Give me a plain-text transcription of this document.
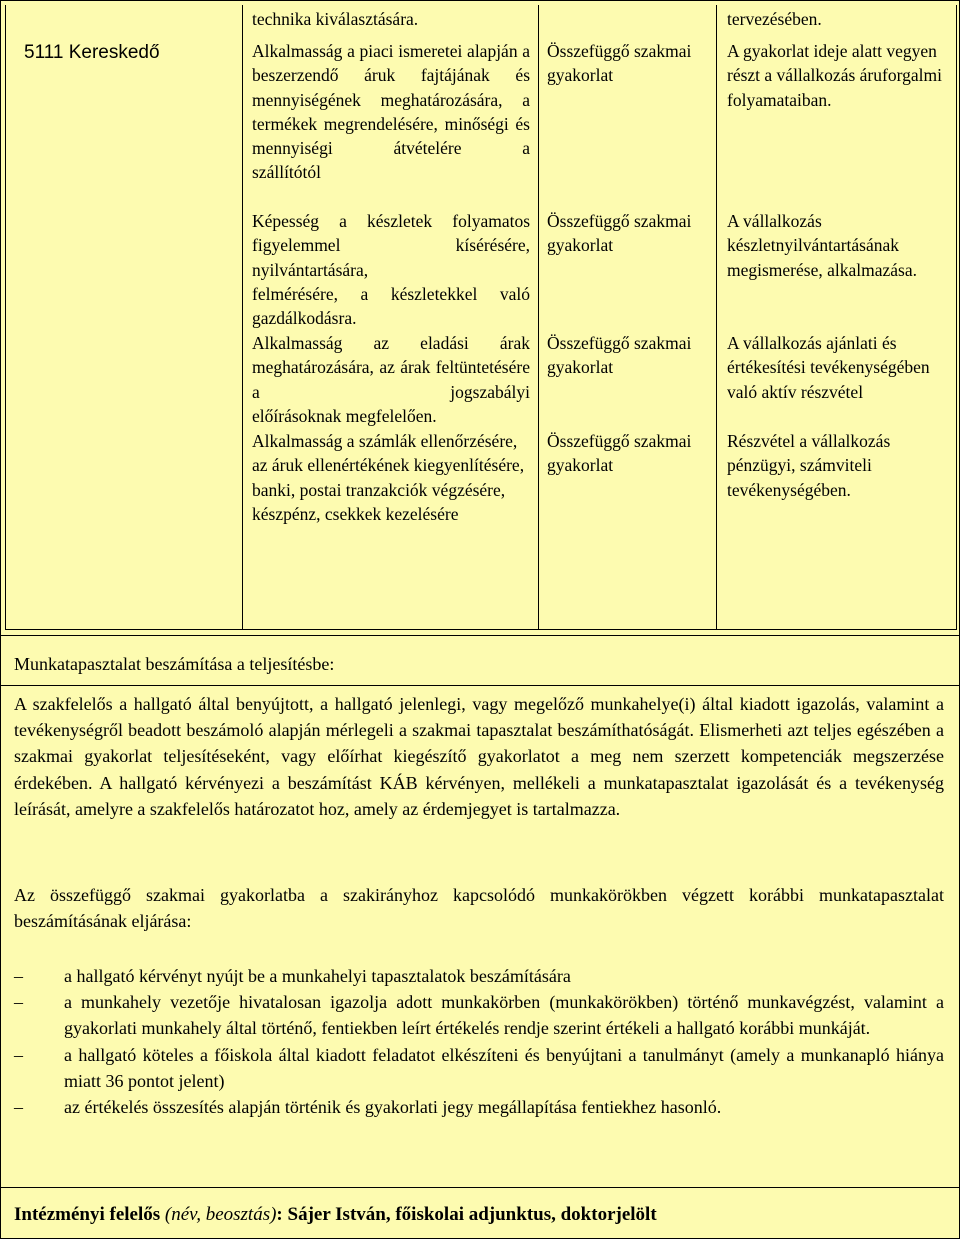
5111 Kereskedő
technika kiválasztására.	tervezésében.
Alkalmasság a piaci ismeretei alapján a beszerzendő áruk fajtájának és mennyiségének meghatározására, a termékek megrendelésére, minőségi és mennyiségi átvételére a
szállítótól
Összefüggő szakmai gyakorlat
A gyakorlat ideje alatt vegyen részt a vállalkozás áruforgalmi folyamataiban.
Képesség a készletek folyamatos figyelemmel	kísérésére, nyilvántartására,
felmérésére, a készletekkel való gazdálkodásra.
Összefüggő szakmai gyakorlat
A vállalkozás készletnyilvántartásának megismerése, alkalmazása.
Alkalmasság az eladási árak meghatározására, az árak feltüntetésére a jogszabályi
előírásoknak megfelelően.
Összefüggő szakmai gyakorlat
A vállalkozás ajánlati és értékesítési tevékenységében való aktív részvétel
Alkalmasság a számlák ellenőrzésére, az áruk ellenértékének kiegyenlítésére, banki, postai tranzakciók végzésére, készpénz, csekkek kezelésére
Összefüggő szakmai gyakorlat
Részvétel a vállalkozás pénzügyi, számviteli tevékenységében.
Munkatapasztalat beszámítása a teljesítésbe:
A szakfelelős a hallgató által benyújtott, a hallgató jelenlegi, vagy megelőző munkahelye(i) által kiadott igazolás, valamint a tevékenységről beadott beszámoló alapján mérlegeli a szakmai tapasztalat beszámíthatóságát. Elismerheti azt teljes egészében a szakmai gyakorlat teljesítéseként, vagy előírhat kiegészítő gyakorlatot a meg nem szerzett kompetenciák megszerzése érdekében. A hallgató kérvényezi a beszámítást KÁB kérvényen, mellékeli a munkatapasztalat igazolását és a tevékenység leírását, amelyre a szakfelelős határozatot hoz, amely az érdemjegyet is tartalmazza.
Az összefüggő szakmai gyakorlatba a szakirányhoz kapcsolódó munkakörökben végzett korábbi munkatapasztalat beszámításának eljárása:
– a hallgató kérvényt nyújt be a munkahelyi tapasztalatok beszámítására
– a munkahely vezetője hivatalosan igazolja adott munkakörben (munkakörökben) történő munkavégzést, valamint a gyakorlati munkahely által történő, fentiekben leírt értékelés rendje szerint értékeli a hallgató korábbi munkáját.
– a hallgató köteles a főiskola által kiadott feladatot elkészíteni és benyújtani a tanulmányt (amely a munkanapló hiánya miatt 36 pontot jelent)
– az értékelés összesítés alapján történik és gyakorlati jegy megállapítása fentiekhez hasonló.
Intézményi felelős (név, beosztás): Sájer István, főiskolai adjunktus, doktorjelölt
